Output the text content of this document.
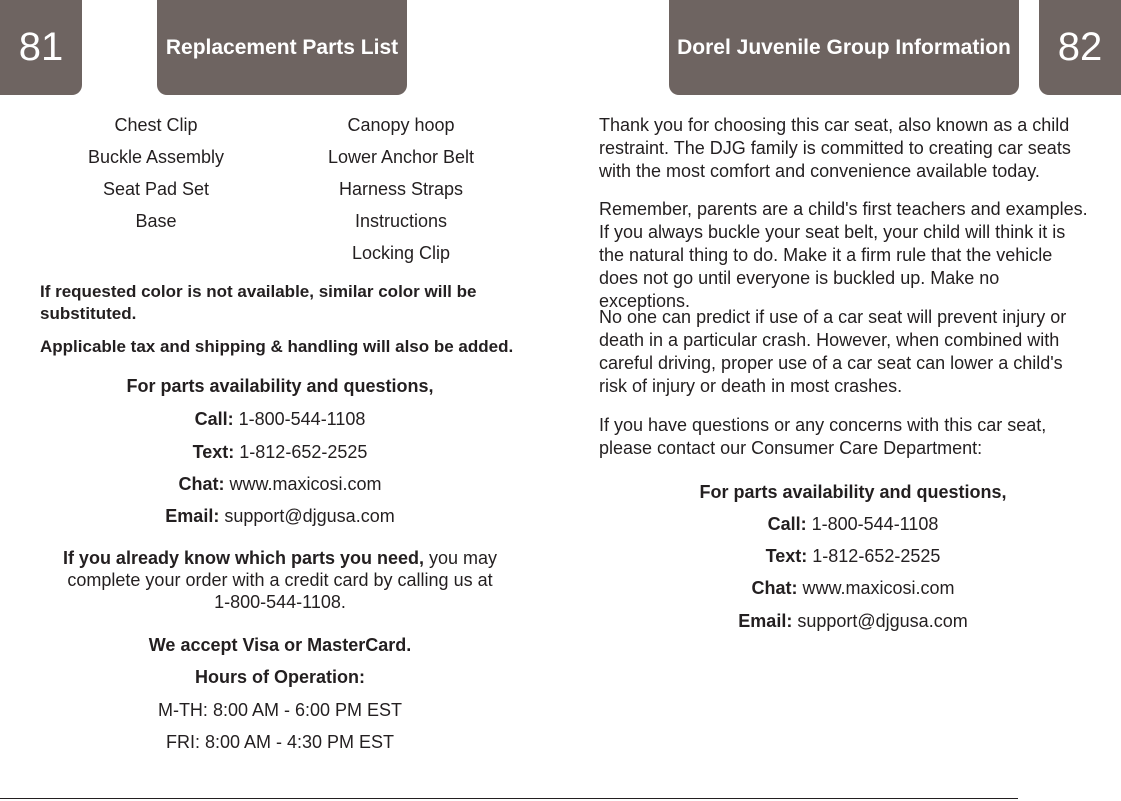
81	Replacement Parts List
Chest Clip
Buckle Assembly
Seat Pad Set
Base
Canopy hoop
Lower Anchor Belt
Harness Straps
Instructions
Locking Clip
If requested color is not available, similar color will be substituted.
Applicable tax and shipping & handling will also be added.
For parts availability and questions,
Call: 1-800-544-1108
Text: 1-812-652-2525
Chat: www.maxicosi.com
Email: support@djgusa.com
If you already know which parts you need, you may complete your order with a credit card by calling us at 1-800-544-1108.
We accept Visa or MasterCard.
Hours of Operation:
M-TH: 8:00 AM - 6:00 PM EST
FRI: 8:00 AM - 4:30 PM EST
Dorel Juvenile Group Information 82

Thank you for choosing this car seat, also known as a child restraint. The DJG family is committed to creating car seats with the most comfort and convenience available today.

Remember, parents are a child's first teachers and examples. If you always buckle your seat belt, your child will think it is the natural thing to do. Make it a firm rule that the vehicle does not go until everyone is buckled up. Make no exceptions.

No one can predict if use of a car seat will prevent injury or death in a particular crash. However, when combined with careful driving, proper use of a car seat can lower a child's risk of injury or death in most crashes.

If you have questions or any concerns with this car seat, please contact our Consumer Care Department:

For parts availability and questions,
Call: 1-800-544-1108
Text: 1-812-652-2525
Chat: www.maxicosi.com
Email: support@djgusa.com
